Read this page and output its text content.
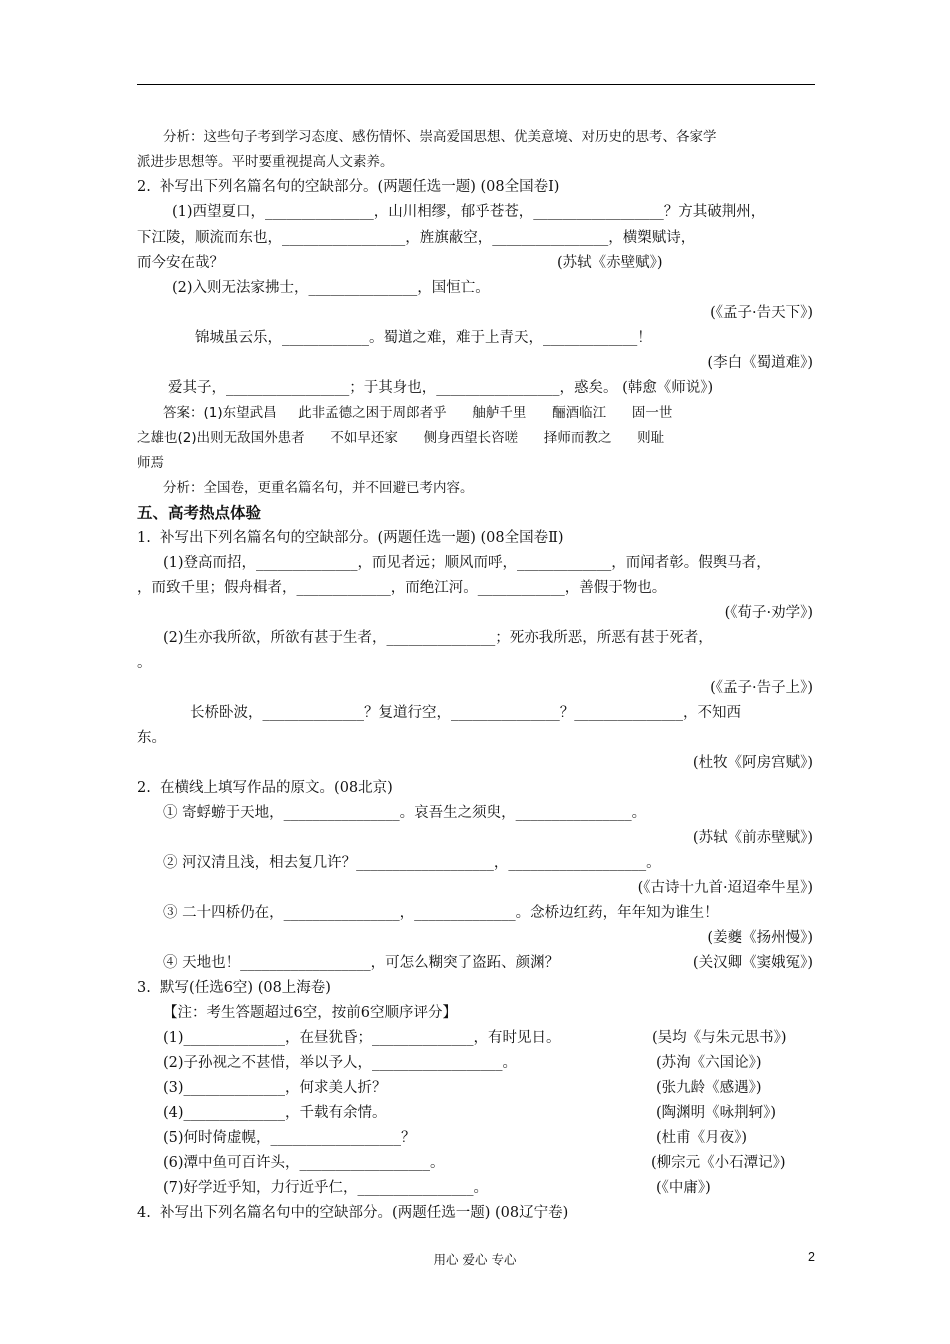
分析：这些句子考到学习态度、感伤情怀、崇高爱国思想、优美意境、对历史的思考、各家学
派进步思想等。平时要重视提高人文素养。
2.  补写出下列名篇名句的空缺部分。(两题任选一题) (08全国卷Ⅰ)
(1)西望夏口，_______________，山川相缪，郁乎苍苍，__________________？方其破荆州，
下江陵，顺流而东也，_________________，旌旗蔽空，________________，横槊赋诗，
而今安在哉？	(苏轼《赤壁赋》)
(2)入则无法家拂士，_______________，国恒亡。
(《孟子·告天下》)
锦城虽云乐，____________。蜀道之难，难于上青天，_____________！
(李白《蜀道难》)
爱其子，_________________；于其身也，_________________，惑矣。 (韩愈《师说》)
答案：(1)东望武昌     此非孟德之困于周郎者乎      舳舻千里      酾酒临江      固一世
之雄也(2)出则无敌国外患者      不如早还家      侧身西望长咨嗟      择师而教之      则耻
师焉
分析：全国卷，更重名篇名句，并不回避已考内容。
五、高考热点体验
1.  补写出下列名篇名句的空缺部分。(两题任选一题) (08全国卷Ⅱ)
(1)登高而招，______________，而见者远；顺风而呼，_____________，而闻者彰。假舆马者，
，而致千里；假舟楫者，_____________，而绝江河。____________，善假于物也。
(《荀子·劝学》)
(2)生亦我所欲，所欲有甚于生者，_______________；死亦我所恶，所恶有甚于死者，
。
(《孟子·告子上》)
长桥卧波，______________？复道行空，_______________？_______________，不知西
东。
(杜牧《阿房宫赋》)
2.  在横线上填写作品的原文。(08北京)
① 寄蜉蝣于天地，________________。哀吾生之须臾，________________。
(苏轼《前赤壁赋》)
② 河汉清且浅，相去复几许？___________________，___________________。
(《古诗十九首·迢迢牵牛星》)
③ 二十四桥仍在，________________，______________。念桥边红药，年年知为谁生！
(姜夔《扬州慢》)
④ 天地也！__________________，可怎么糊突了盗跖、颜渊？	(关汉卿《窦娥冤》)
3.  默写(任选6空) (08上海卷)
【注：考生答题超过6空，按前6空顺序评分】
(1)______________，在昼犹昏；______________，有时见日。	(吴均《与朱元思书》)
(2)子孙视之不甚惜，举以予人，__________________。	(苏洵《六国论》)
(3)______________，何求美人折？	(张九龄《感遇》)
(4)______________，千载有余情。	(陶渊明《咏荆轲》)
(5)何时倚虚幌，__________________？	(杜甫《月夜》)
(6)潭中鱼可百许头，__________________。	(柳宗元《小石潭记》)
(7)好学近乎知，力行近乎仁，________________。	(《中庸》)
4.  补写出下列名篇名句中的空缺部分。(两题任选一题) (08辽宁卷)
用心 爱心 专心	2
